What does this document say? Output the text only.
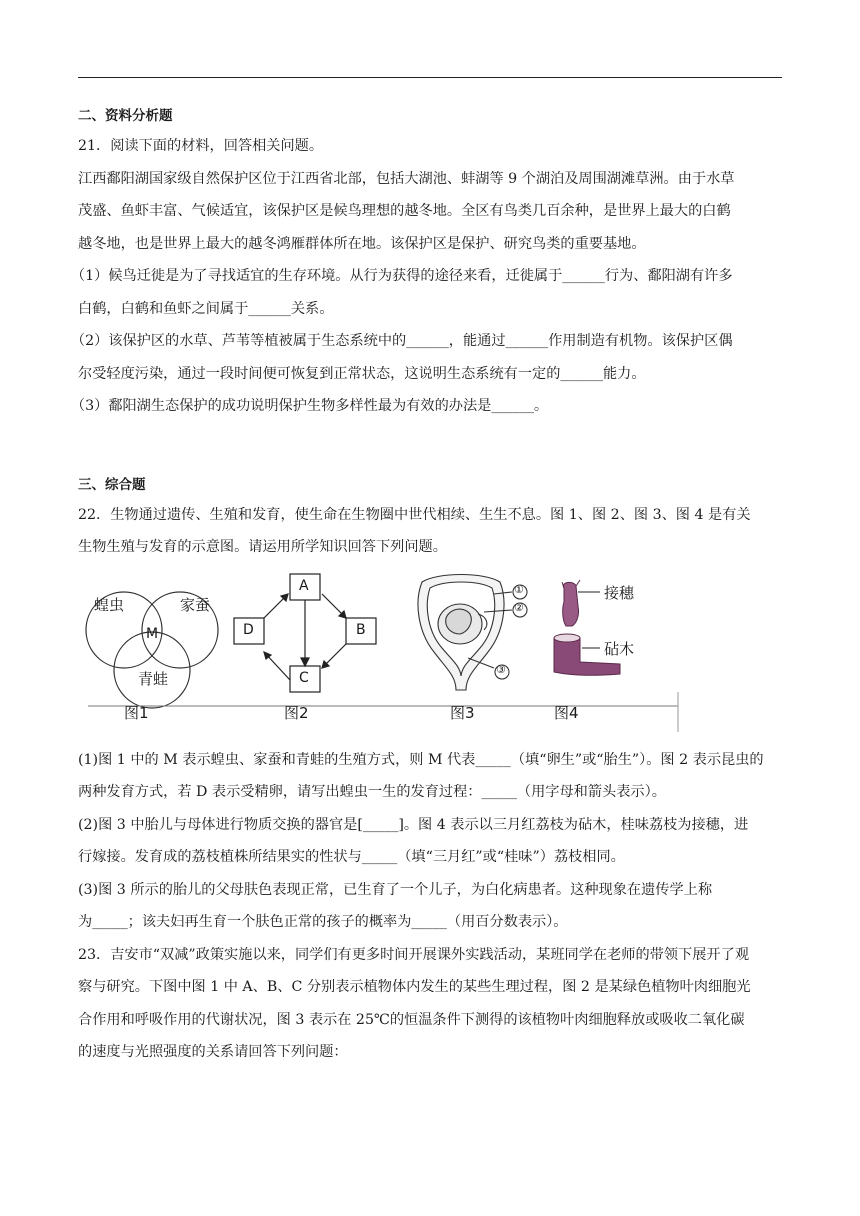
二、资料分析题

21．阅读下面的材料，回答相关问题。

江西鄱阳湖国家级自然保护区位于江西省北部，包括大湖池、蚌湖等 9 个湖泊及周围湖滩草洲。由于水草

茂盛、鱼虾丰富、气候适宜，该保护区是候鸟理想的越冬地。全区有鸟类几百余种，是世界上最大的白鹤

越冬地，也是世界上最大的越冬鸿雁群体所在地。该保护区是保护、研究鸟类的重要基地。

（1）候鸟迁徙是为了寻找适宜的生存环境。从行为获得的途径来看，迁徙属于______行为、鄱阳湖有许多

白鹤，白鹤和鱼虾之间属于______关系。

（2）该保护区的水草、芦苇等植被属于生态系统中的______，能通过______作用制造有机物。该保护区偶

尔受轻度污染，通过一段时间便可恢复到正常状态，这说明生态系统有一定的______能力。

（3）鄱阳湖生态保护的成功说明保护生物多样性最为有效的办法是______。

三、综合题

22．生物通过遗传、生殖和发育，使生命在生物圈中世代相续、生生不息。图 1、图 2、图 3、图 4 是有关

生物生殖与发育的示意图。请运用所学知识回答下列问题。

蝗虫	家蚕
M
青蛙
A
B
C
D
①
②
③
接穗
砧木
图1	图2	图3	图4

(1)图 1 中的 M 表示蝗虫、家蚕和青蛙的生殖方式，则 M 代表_____（填“卵生”或“胎生”）。图 2 表示昆虫的

两种发育方式，若 D 表示受精卵，请写出蝗虫一生的发育过程：_____（用字母和箭头表示）。

(2)图 3 中胎儿与母体进行物质交换的器官是[_____]。图 4 表示以三月红荔枝为砧木，桂味荔枝为接穗，进

行嫁接。发育成的荔枝植株所结果实的性状与_____（填“三月红”或“桂味”）荔枝相同。

(3)图 3 所示的胎儿的父母肤色表现正常，已生育了一个儿子，为白化病患者。这种现象在遗传学上称

为_____；该夫妇再生育一个肤色正常的孩子的概率为_____（用百分数表示）。

23．吉安市“双减”政策实施以来，同学们有更多时间开展课外实践活动，某班同学在老师的带领下展开了观

察与研究。下图中图 1 中 A、B、C 分别表示植物体内发生的某些生理过程，图 2 是某绿色植物叶肉细胞光

合作用和呼吸作用的代谢状况，图 3 表示在 25℃的恒温条件下测得的该植物叶肉细胞释放或吸收二氧化碳

的速度与光照强度的关系请回答下列问题：
